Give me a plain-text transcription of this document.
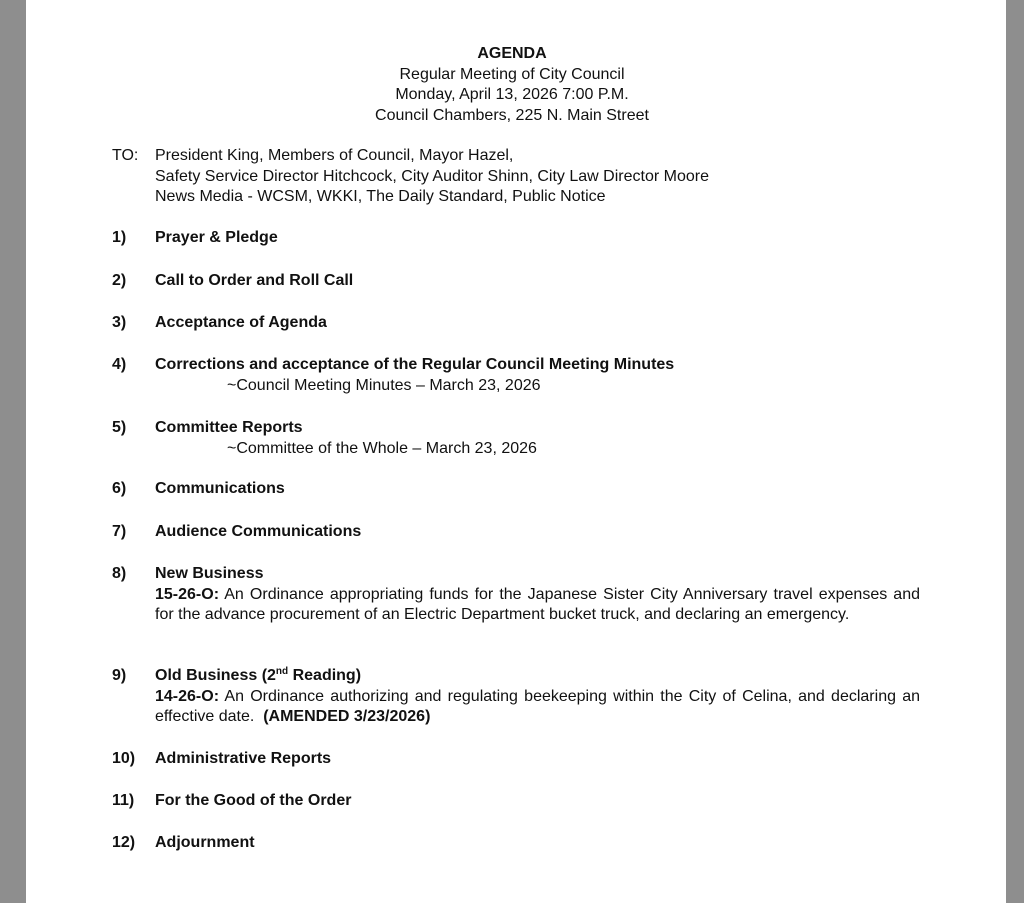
AGENDA
Regular Meeting of City Council
Monday, April 13, 2026 7:00 P.M.
Council Chambers, 225 N. Main Street
TO: President King, Members of Council, Mayor Hazel,
Safety Service Director Hitchcock, City Auditor Shinn, City Law Director Moore
News Media - WCSM, WKKI, The Daily Standard, Public Notice
1) Prayer & Pledge
2) Call to Order and Roll Call
3) Acceptance of Agenda
4) Corrections and acceptance of the Regular Council Meeting Minutes
~Council Meeting Minutes – March 23, 2026
5) Committee Reports
~Committee of the Whole – March 23, 2026
6) Communications
7) Audience Communications
8) New Business
15-26-O: An Ordinance appropriating funds for the Japanese Sister City Anniversary travel expenses and for the advance procurement of an Electric Department bucket truck, and declaring an emergency.
9) Old Business (2nd Reading)
14-26-O: An Ordinance authorizing and regulating beekeeping within the City of Celina, and declaring an effective date. (AMENDED 3/23/2026)
10) Administrative Reports
11) For the Good of the Order
12) Adjournment
